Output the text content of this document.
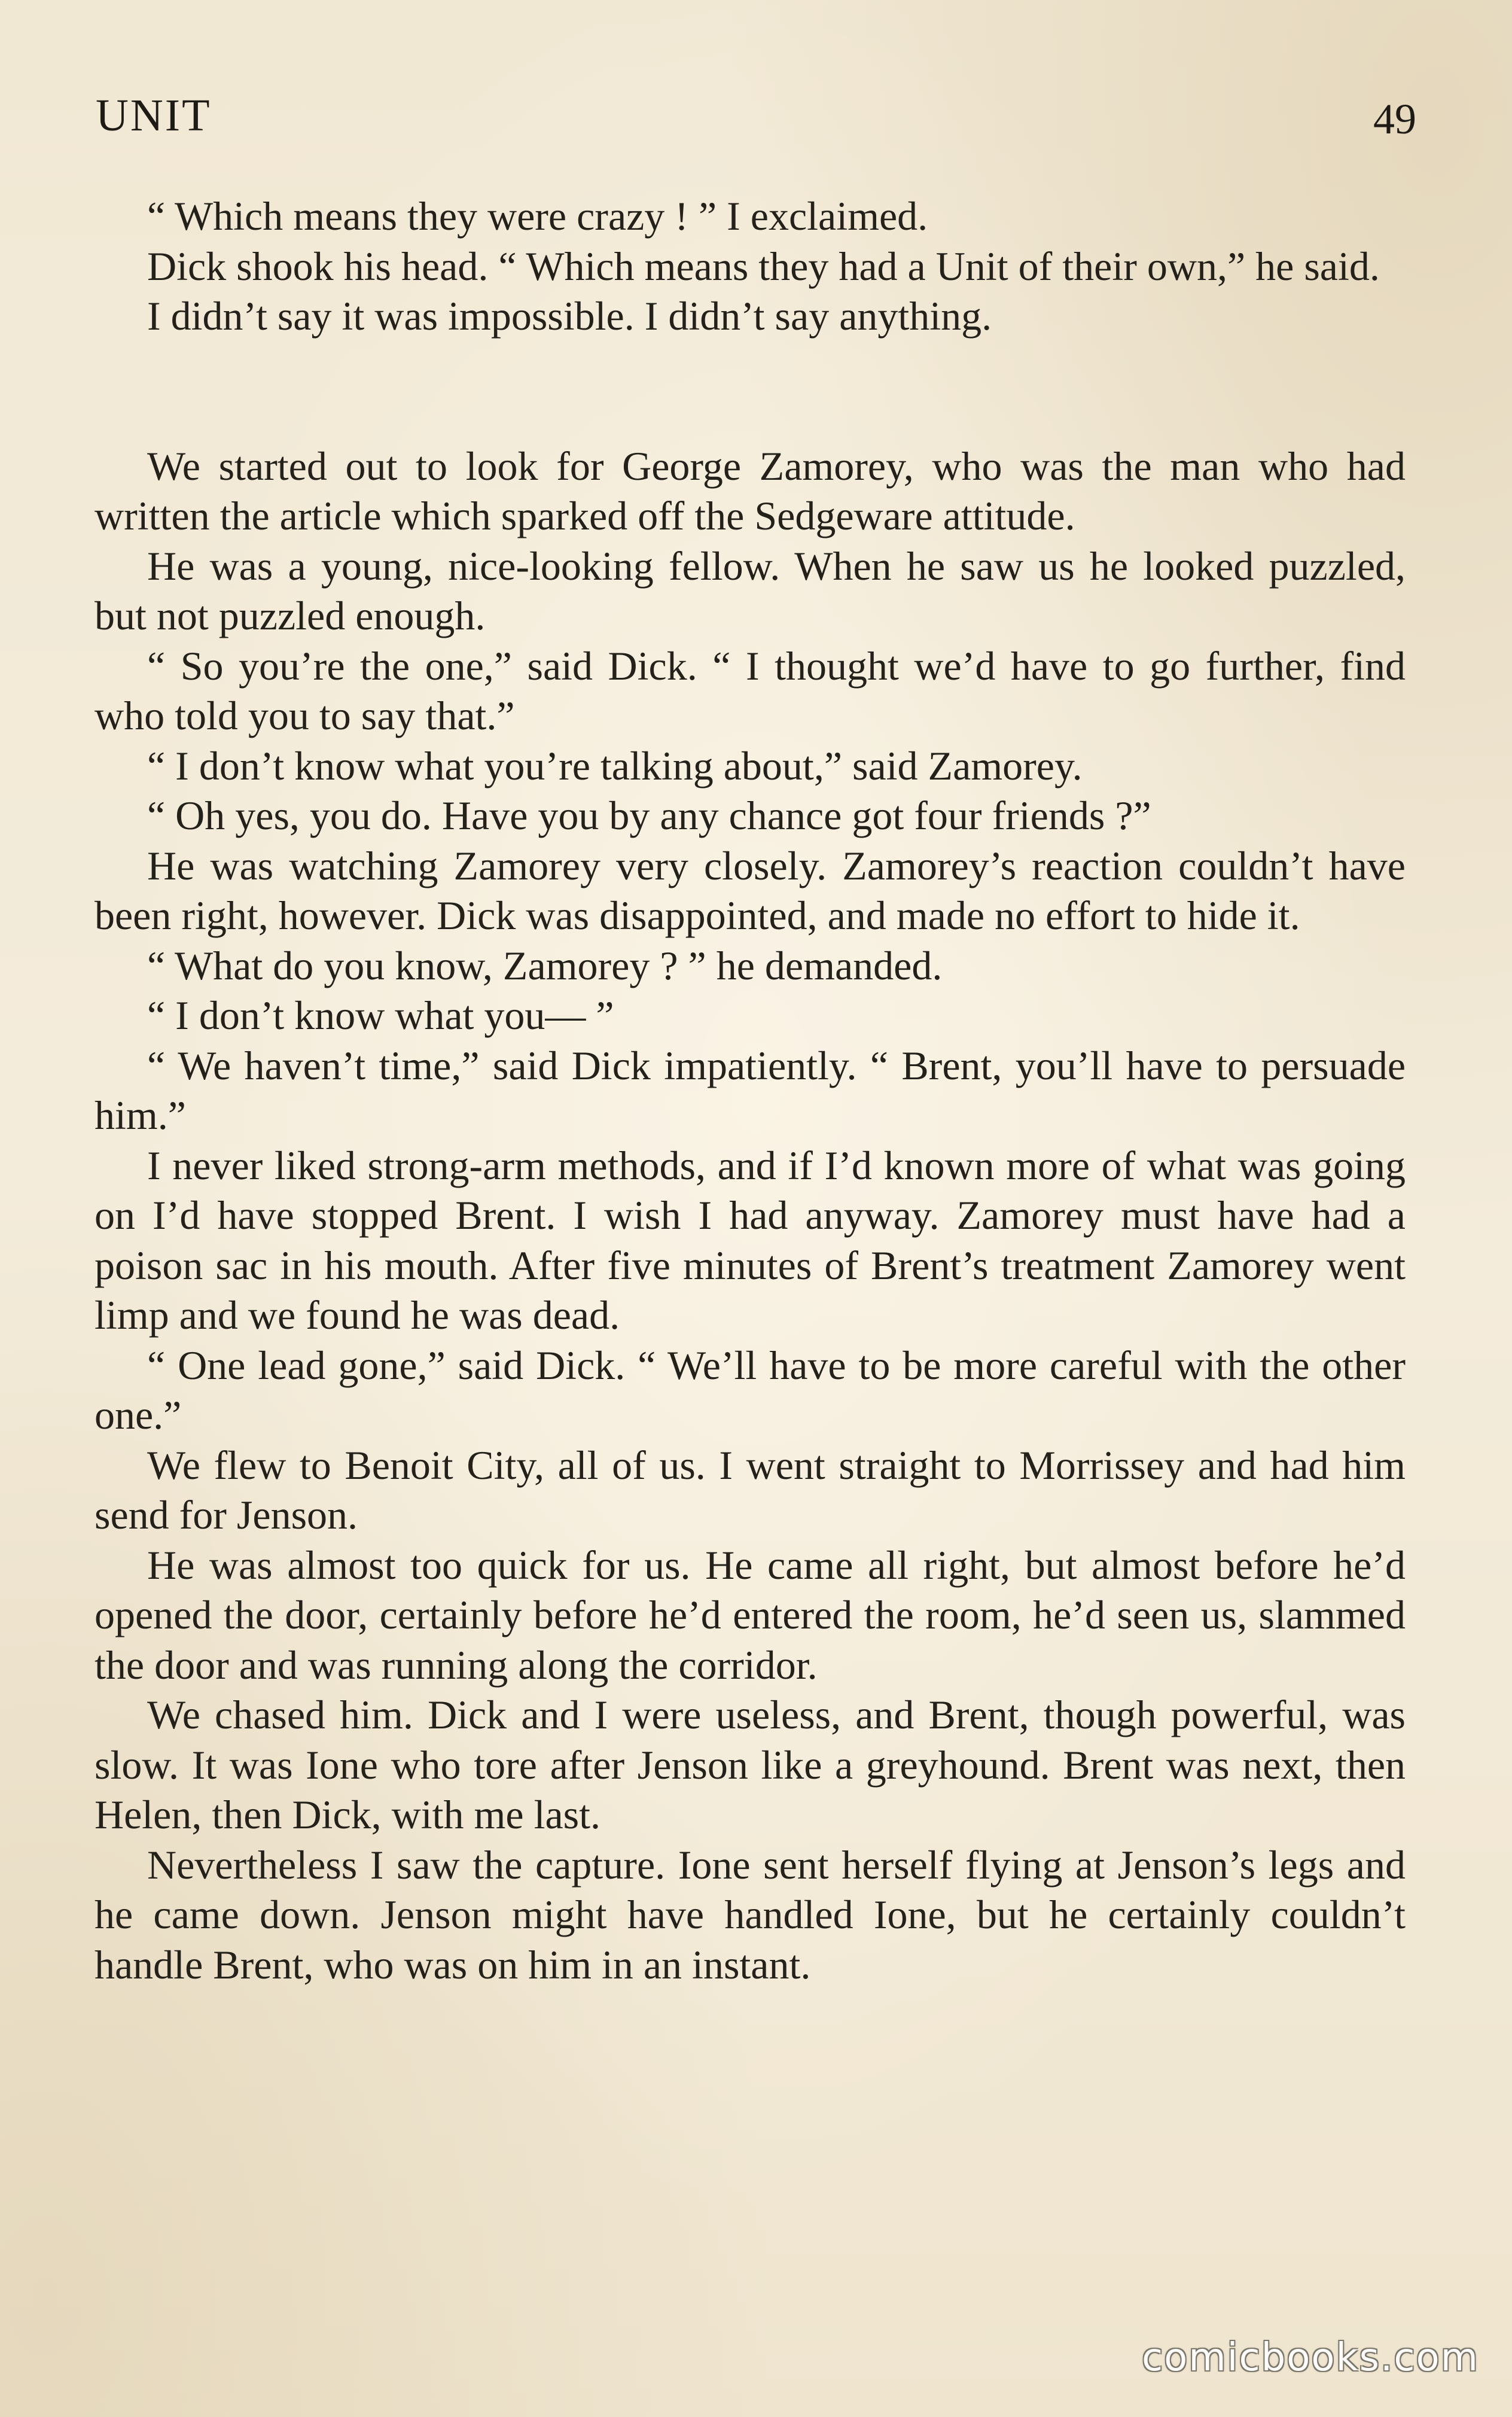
UNIT	49

“ Which means they were crazy ! ” I exclaimed.

Dick shook his head. “ Which means they had a Unit of their own,” he said.

I didn’t say it was impossible. I didn’t say anything.

We started out to look for George Zamorey, who was the man who had written the article which sparked off the Sedgeware attitude.

He was a young, nice-looking fellow. When he saw us he looked puzzled, but not puzzled enough.

“ So you’re the one,” said Dick. “ I thought we’d have to go further, find who told you to say that.”

“ I don’t know what you’re talking about,” said Zamorey.

“ Oh yes, you do. Have you by any chance got four friends ?”

He was watching Zamorey very closely. Zamorey’s reaction couldn’t have been right, however. Dick was disappointed, and made no effort to hide it.

“ What do you know, Zamorey ? ” he demanded.

“ I don’t know what you— ”

“ We haven’t time,” said Dick impatiently. “ Brent, you’ll have to persuade him.”

I never liked strong-arm methods, and if I’d known more of what was going on I’d have stopped Brent. I wish I had anyway. Zamorey must have had a poison sac in his mouth. After five minutes of Brent’s treatment Zamorey went limp and we found he was dead.

“ One lead gone,” said Dick. “ We’ll have to be more careful with the other one.”

We flew to Benoit City, all of us. I went straight to Morrissey and had him send for Jenson.

He was almost too quick for us. He came all right, but almost before he’d opened the door, certainly before he’d entered the room, he’d seen us, slammed the door and was running along the corridor.

We chased him. Dick and I were useless, and Brent, though powerful, was slow. It was Ione who tore after Jenson like a greyhound. Brent was next, then Helen, then Dick, with me last.

Nevertheless I saw the capture. Ione sent herself flying at Jenson’s legs and he came down. Jenson might have handled Ione, but he certainly couldn’t handle Brent, who was on him in an instant.

comicbooks.com
